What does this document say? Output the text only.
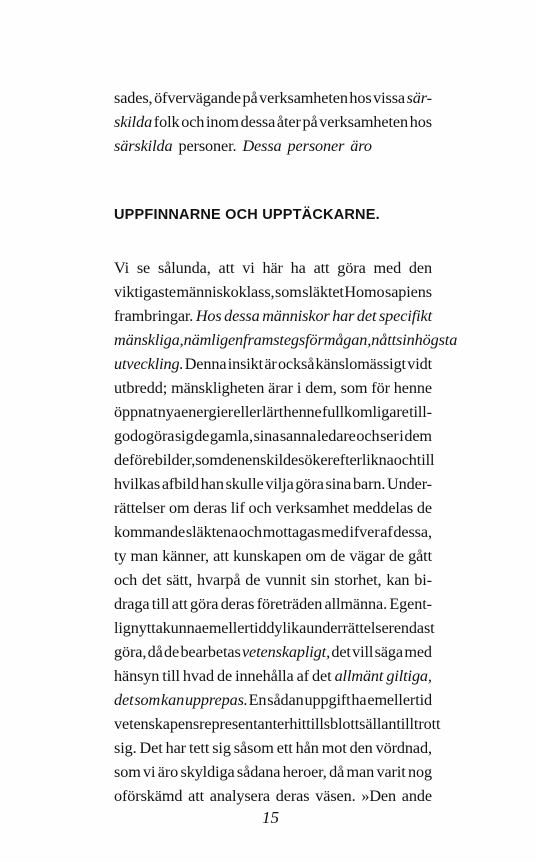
sades, öfvervägande på verksamheten hos vissa sär-
skilda folk och inom dessa åter på verksamheten hos
särskilda personer. Dessa personer äro
UPPFINNARNE OCH UPPTÄCKARNE.
Vi se sålunda, att vi här ha att göra med den
viktigaste människoklass, som släktet Homo sapiens
frambringar. Hos dessa människor har det specifikt
mänskliga, nämligen framstegsförmågan, nått sin högsta
utveckling. Denna insikt är också känslomässigt vidt
utbredd; mänskligheten ärar i dem, som för henne
öppnat nya energier eller lärt henne fullkomligare till-
godogöra sig de gamla, sina sanna ledare och ser i dem
de förebilder, som den enskilde söker efterlikna och till
hvilkas afbild han skulle vilja göra sina barn. Under-
rättelser om deras lif och verksamhet meddelas de
kommande släktena och mottagas med ifver af dessa,
ty man känner, att kunskapen om de vägar de gått
och det sätt, hvarpå de vunnit sin storhet, kan bi-
draga till att göra deras företräden allmänna. Egent-
lig nytta kunna emellertid dylika underrättelser endast
göra, då de bearbetas vetenskapligt, det vill säga med
hänsyn till hvad de innehålla af det allmänt giltiga,
det som kan upprepas. En sådan uppgift ha emellertid
vetenskapens representanter hittills blott sällan tilltrott
sig. Det har tett sig såsom ett hån mot den vördnad,
som vi äro skyldiga sådana heroer, då man varit nog
oförskämd att analysera deras väsen. »Den ande
15
